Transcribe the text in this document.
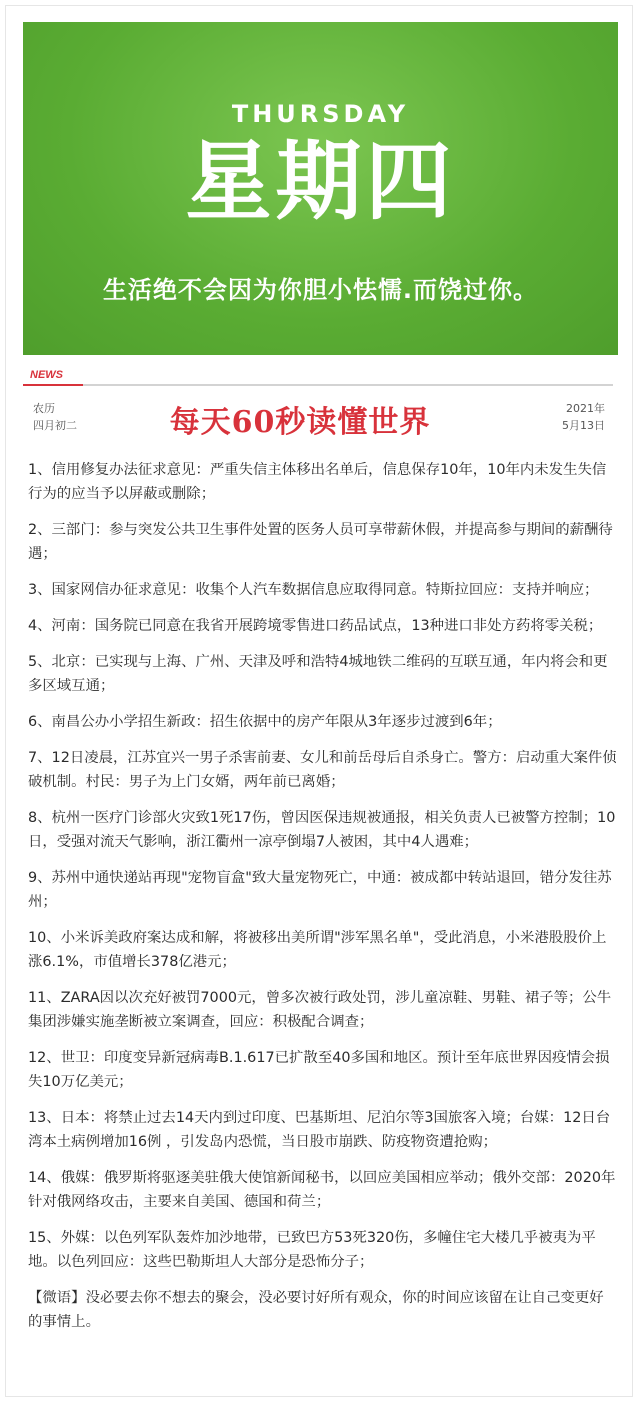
THURSDAY
星期四
生活绝不会因为你胆小怯懦.而饶过你。
NEWS
农历
四月初二	每天60秒读懂世界	2021年
5月13日

1、信用修复办法征求意见：严重失信主体移出名单后，信息保存10年，10年内未发生失信行为的应当予以屏蔽或删除；

2、三部门：参与突发公共卫生事件处置的医务人员可享带薪休假，并提高参与期间的薪酬待遇；

3、国家网信办征求意见：收集个人汽车数据信息应取得同意。特斯拉回应：支持并响应；

4、河南：国务院已同意在我省开展跨境零售进口药品试点，13种进口非处方药将零关税；

5、北京：已实现与上海、广州、天津及呼和浩特4城地铁二维码的互联互通，年内将会和更多区域互通；

6、南昌公办小学招生新政：招生依据中的房产年限从3年逐步过渡到6年；

7、12日凌晨，江苏宜兴一男子杀害前妻、女儿和前岳母后自杀身亡。警方：启动重大案件侦破机制。村民：男子为上门女婿，两年前已离婚；

8、杭州一医疗门诊部火灾致1死17伤，曾因医保违规被通报，相关负责人已被警方控制；10日，受强对流天气影响，浙江衢州一凉亭倒塌7人被困，其中4人遇难；

9、苏州中通快递站再现"宠物盲盒"致大量宠物死亡，中通：被成都中转站退回，错分发往苏州；

10、小米诉美政府案达成和解，将被移出美所谓"涉军黑名单"，受此消息，小米港股股价上涨6.1%，市值增长378亿港元；

11、ZARA因以次充好被罚7000元，曾多次被行政处罚，涉儿童凉鞋、男鞋、裙子等；公牛集团涉嫌实施垄断被立案调查，回应：积极配合调查；

12、世卫：印度变异新冠病毒B.1.617已扩散至40多国和地区。预计至年底世界因疫情会损失10万亿美元；

13、日本：将禁止过去14天内到过印度、巴基斯坦、尼泊尔等3国旅客入境；台媒：12日台湾本土病例增加16例 ，引发岛内恐慌，当日股市崩跌、防疫物资遭抢购；

14、俄媒：俄罗斯将驱逐美驻俄大使馆新闻秘书，以回应美国相应举动；俄外交部：2020年针对俄网络攻击，主要来自美国、德国和荷兰；

15、外媒：以色列军队轰炸加沙地带，已致巴方53死320伤，多幢住宅大楼几乎被夷为平地。以色列回应：这些巴勒斯坦人大部分是恐怖分子；

【微语】没必要去你不想去的聚会，没必要讨好所有观众，你的时间应该留在让自己变更好的事情上。
